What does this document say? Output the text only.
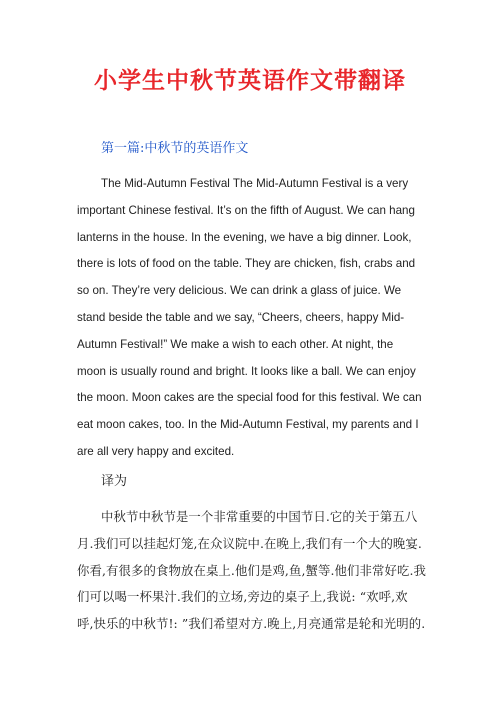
小学生中秋节英语作文带翻译
第一篇:中秋节的英语作文
The Mid-Autumn Festival The Mid-Autumn Festival is a very
important Chinese festival. It’s on the fifth of August. We can hang
lanterns in the house. In the evening, we have a big dinner. Look,
there is lots of food on the table. They are chicken, fish, crabs and
so on. They’re very delicious. We can drink a glass of juice. We
stand beside the table and we say, “Cheers, cheers, happy Mid-
Autumn Festival!” We make a wish to each other. At night, the
moon is usually round and bright. It looks like a ball. We can enjoy
the moon. Moon cakes are the special food for this festival. We can
eat moon cakes, too. In the Mid-Autumn Festival, my parents and I
are all very happy and excited.
译为
中秋节中秋节是一个非常重要的中国节日.它的关于第五八
月.我们可以挂起灯笼,在众议院中.在晚上,我们有一个大的晚宴.
你看,有很多的食物放在桌上.他们是鸡,鱼,蟹等.他们非常好吃.我
们可以喝一杯果汁.我们的立场,旁边的桌子上,我说: “欢呼,欢
呼,快乐的中秋节!: ”我们希望对方.晚上,月亮通常是轮和光明的.
